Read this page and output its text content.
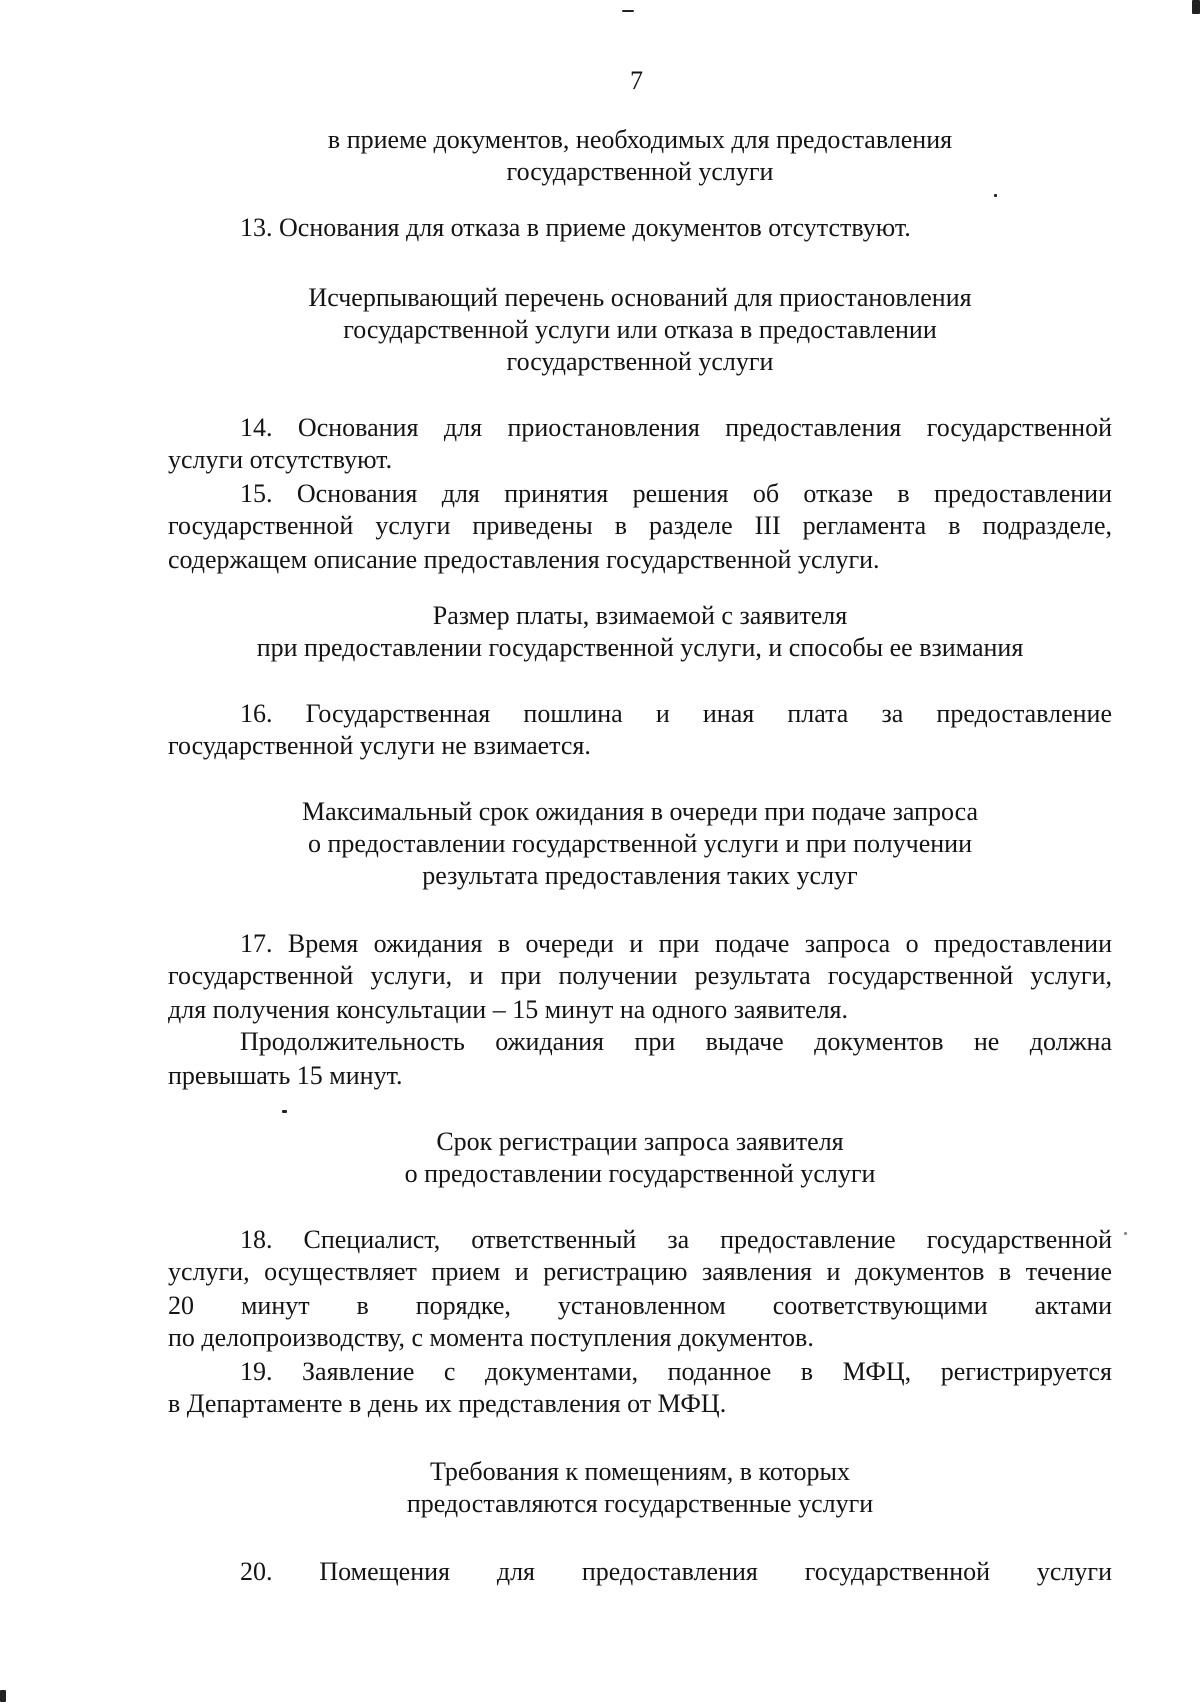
7
в приеме документов, необходимых для предоставления
государственной услуги
13. Основания для отказа в приеме документов отсутствуют.
Исчерпывающий перечень оснований для приостановления
государственной услуги или отказа в предоставлении
государственной услуги
14. Основания для приостановления предоставления государственной
услуги отсутствуют.
15. Основания для принятия решения об отказе в предоставлении
государственной услуги приведены в разделе III регламента в подразделе,
содержащем описание предоставления государственной услуги.
Размер платы, взимаемой с заявителя
при предоставлении государственной услуги, и способы ее взимания
16. Государственная пошлина и иная плата за предоставление
государственной услуги не взимается.
Максимальный срок ожидания в очереди при подаче запроса
о предоставлении государственной услуги и при получении
результата предоставления таких услуг
17. Время ожидания в очереди и при подаче запроса о предоставлении
государственной услуги, и при получении результата государственной услуги,
для получения консультации – 15 минут на одного заявителя.
Продолжительность ожидания при выдаче документов не должна
превышать 15 минут.
Срок регистрации запроса заявителя
о предоставлении государственной услуги
18. Специалист, ответственный за предоставление государственной
услуги, осуществляет прием и регистрацию заявления и документов в течение
20 минут в порядке, установленном соответствующими актами
по делопроизводству, с момента поступления документов.
19. Заявление с документами, поданное в МФЦ, регистрируется
в Департаменте в день их представления от МФЦ.
Требования к помещениям, в которых
предоставляются государственные услуги
20. Помещения для предоставления государственной услуги
